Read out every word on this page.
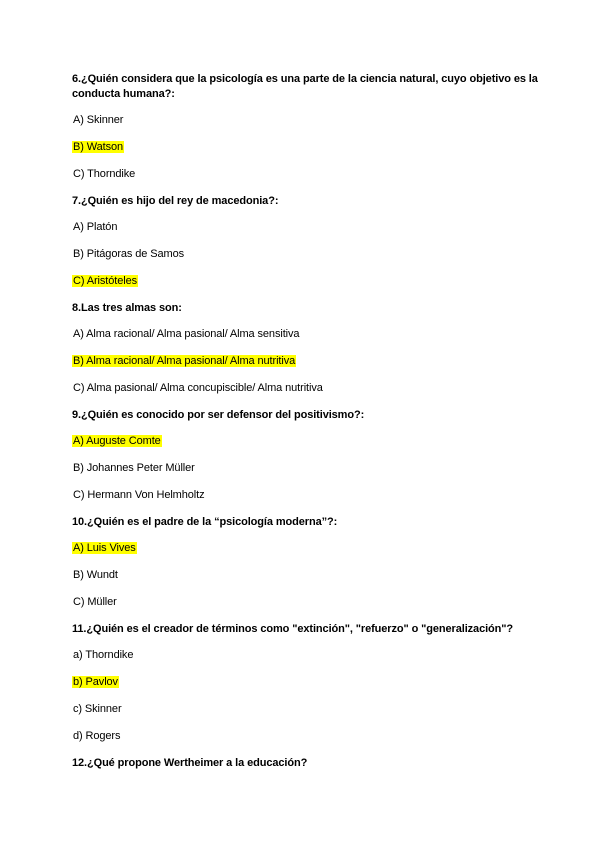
6.¿Quién considera que la psicología es una parte de la ciencia natural, cuyo objetivo es la conducta humana?:

A) Skinner

B) Watson

C) Thorndike

7.¿Quién es hijo del rey de macedonia?:

A) Platón

B) Pitágoras de Samos

C) Aristóteles

8.Las tres almas son:

A) Alma racional/ Alma pasional/ Alma sensitiva

B) Alma racional/ Alma pasional/ Alma nutritiva

C) Alma pasional/ Alma concupiscible/ Alma nutritiva

9.¿Quién es conocido por ser defensor del positivismo?:

A) Auguste Comte

B) Johannes Peter Müller

C) Hermann Von Helmholtz

10.¿Quién es el padre de la “psicología moderna”?:

A) Luis Vives

B) Wundt

C) Müller

11.¿Quién es el creador de términos como "extinción", "refuerzo" o "generalización"?

a) Thorndike

b) Pavlov

c) Skinner

d) Rogers

12.¿Qué propone Wertheimer a la educación?
